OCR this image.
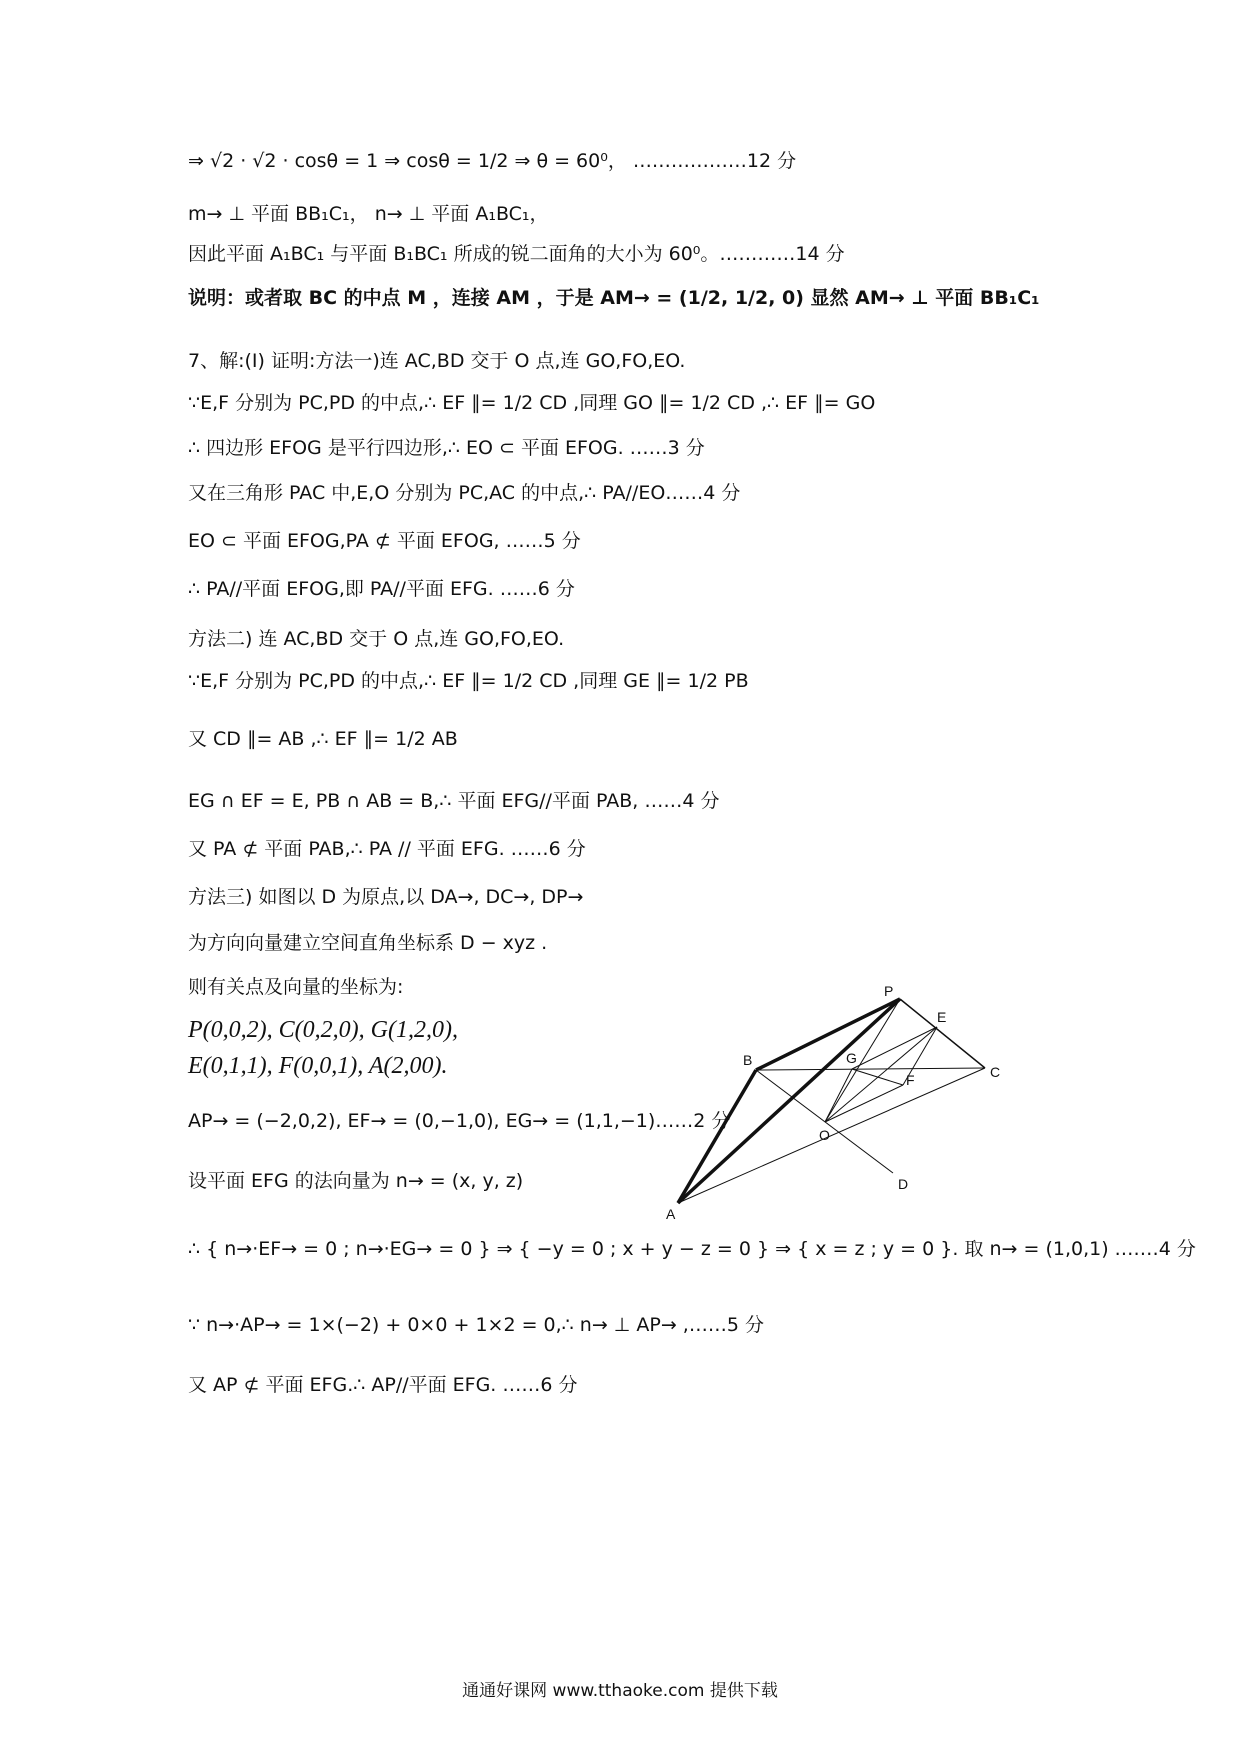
⇒ √2 · √2 · cosθ = 1 ⇒ cosθ = 1/2 ⇒ θ = 60⁰， ………………12 分
m→ ⊥ 平面 BB₁C₁， n→ ⊥ 平面 A₁BC₁，
因此平面 A₁BC₁ 与平面 B₁BC₁ 所成的锐二面角的大小为 60⁰。…………14 分
说明：或者取 BC 的中点 M ，连接 AM ，于是 AM→ = (1/2, 1/2, 0) 显然 AM→ ⊥ 平面 BB₁C₁
7、解:(Ⅰ) 证明:方法一)连 AC,BD 交于 O 点,连 GO,FO,EO.
∵E,F 分别为 PC,PD 的中点,∴ EF ∥= 1/2 CD ,同理 GO ∥= 1/2 CD ,∴ EF ∥= GO
∴ 四边形 EFOG 是平行四边形,∴ EO ⊂ 平面 EFOG. ……3 分
又在三角形 PAC 中,E,O 分别为 PC,AC 的中点,∴ PA//EO……4 分
EO ⊂ 平面 EFOG,PA ⊄ 平面 EFOG, ……5 分
∴ PA//平面 EFOG,即 PA//平面 EFG. ……6 分
方法二) 连 AC,BD 交于 O 点,连 GO,FO,EO.
∵E,F 分别为 PC,PD 的中点,∴ EF ∥= 1/2 CD ,同理 GE ∥= 1/2 PB
又 CD ∥= AB ,∴ EF ∥= 1/2 AB
EG ∩ EF = E, PB ∩ AB = B,∴ 平面 EFG//平面 PAB, ……4 分
又 PA ⊄ 平面 PAB,∴ PA // 平面 EFG. ……6 分
方法三) 如图以 D 为原点,以 DA→, DC→, DP→
为方向向量建立空间直角坐标系 D − xyz .
则有关点及向量的坐标为:
P(0,0,2), C(0,2,0), G(1,2,0),
E(0,1,1), F(0,0,1), A(2,00).
AP→ = (−2,0,2), EF→ = (0,−1,0), EG→ = (1,1,−1)……2 分
设平面 EFG 的法向量为 n→ = (x, y, z)
∴ { n→·EF→ = 0 ; n→·EG→ = 0 } ⇒ { −y = 0 ; x + y − z = 0 } ⇒ { x = z ; y = 0 }. 取 n→ = (1,0,1) .……4 分
∵ n→·AP→ = 1×(−2) + 0×0 + 1×2 = 0,∴ n→ ⊥ AP→ ,……5 分
又 AP ⊄ 平面 EFG.∴ AP//平面 EFG. ……6 分
P
E
B	G
C
F
O
A
D
通通好课网 www.tthaoke.com 提供下载
